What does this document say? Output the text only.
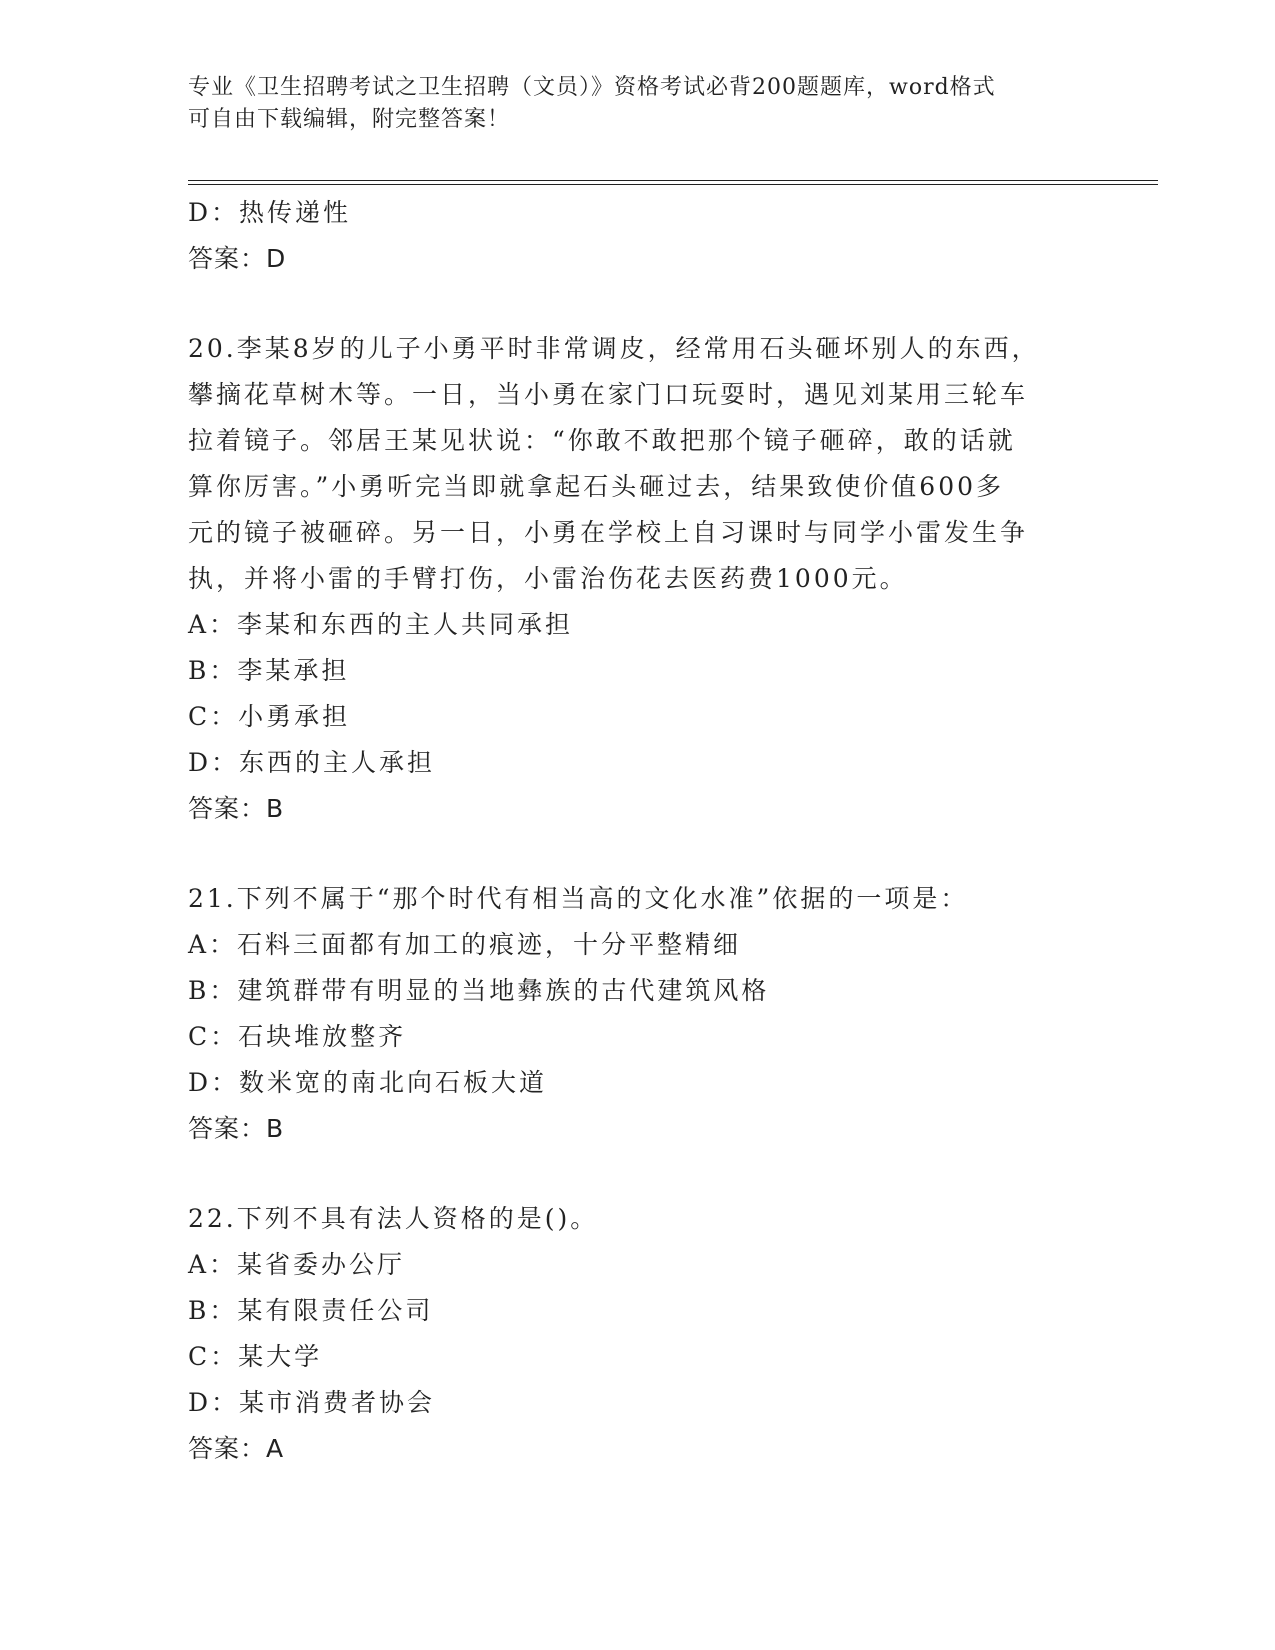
专业《卫生招聘考试之卫生招聘（文员）》资格考试必背200题题库，word格式
可自由下载编辑，附完整答案！
D：热传递性
答案：D
20.李某8岁的儿子小勇平时非常调皮，经常用石头砸坏别人的东西，
攀摘花草树木等。一日，当小勇在家门口玩耍时，遇见刘某用三轮车
拉着镜子。邻居王某见状说：“你敢不敢把那个镜子砸碎，敢的话就
算你厉害。”小勇听完当即就拿起石头砸过去，结果致使价值600多
元的镜子被砸碎。另一日，小勇在学校上自习课时与同学小雷发生争
执，并将小雷的手臂打伤，小雷治伤花去医药费1000元。
A：李某和东西的主人共同承担
B：李某承担
C：小勇承担
D：东西的主人承担
答案：B
21.下列不属于“那个时代有相当高的文化水准”依据的一项是：
A：石料三面都有加工的痕迹，十分平整精细
B：建筑群带有明显的当地彝族的古代建筑风格
C：石块堆放整齐
D：数米宽的南北向石板大道
答案：B
22.下列不具有法人资格的是()。
A：某省委办公厅
B：某有限责任公司
C：某大学
D：某市消费者协会
答案：A
